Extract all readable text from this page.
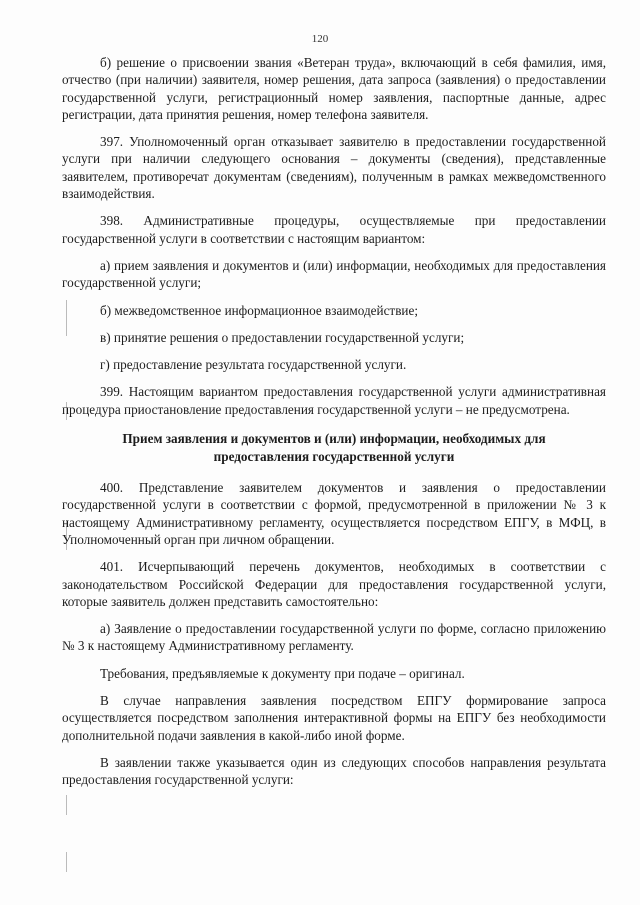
120

б) решение о присвоении звания «Ветеран труда», включающий в себя фамилия, имя, отчество (при наличии) заявителя, номер решения, дата запроса (заявления) о предоставлении государственной услуги, регистрационный номер заявления, паспортные данные, адрес регистрации, дата принятия решения, номер телефона заявителя.

397. Уполномоченный орган отказывает заявителю в предоставлении государственной услуги при наличии следующего основания – документы (сведения), представленные заявителем, противоречат документам (сведениям), полученным в рамках межведомственного взаимодействия.

398. Административные процедуры, осуществляемые при предоставлении государственной услуги в соответствии с настоящим вариантом:

а) прием заявления и документов и (или) информации, необходимых для предоставления государственной услуги;

б) межведомственное информационное взаимодействие;

в) принятие решения о предоставлении государственной услуги;

г) предоставление результата государственной услуги.

399. Настоящим вариантом предоставления государственной услуги административная процедура приостановление предоставления государственной услуги – не предусмотрена.

Прием заявления и документов и (или) информации, необходимых для предоставления государственной услуги

400. Представление заявителем документов и заявления о предоставлении государственной услуги в соответствии с формой, предусмотренной в приложении № 3 к настоящему Административному регламенту, осуществляется посредством ЕПГУ, в МФЦ, в Уполномоченный орган при личном обращении.

401. Исчерпывающий перечень документов, необходимых в соответствии с законодательством Российской Федерации для предоставления государственной услуги, которые заявитель должен представить самостоятельно:

а) Заявление о предоставлении государственной услуги по форме, согласно приложению № 3 к настоящему Административному регламенту.

Требования, предъявляемые к документу при подаче – оригинал.

В случае направления заявления посредством ЕПГУ формирование запроса осуществляется посредством заполнения интерактивной формы на ЕПГУ без необходимости дополнительной подачи заявления в какой-либо иной форме.

В заявлении также указывается один из следующих способов направления результата предоставления государственной услуги:
